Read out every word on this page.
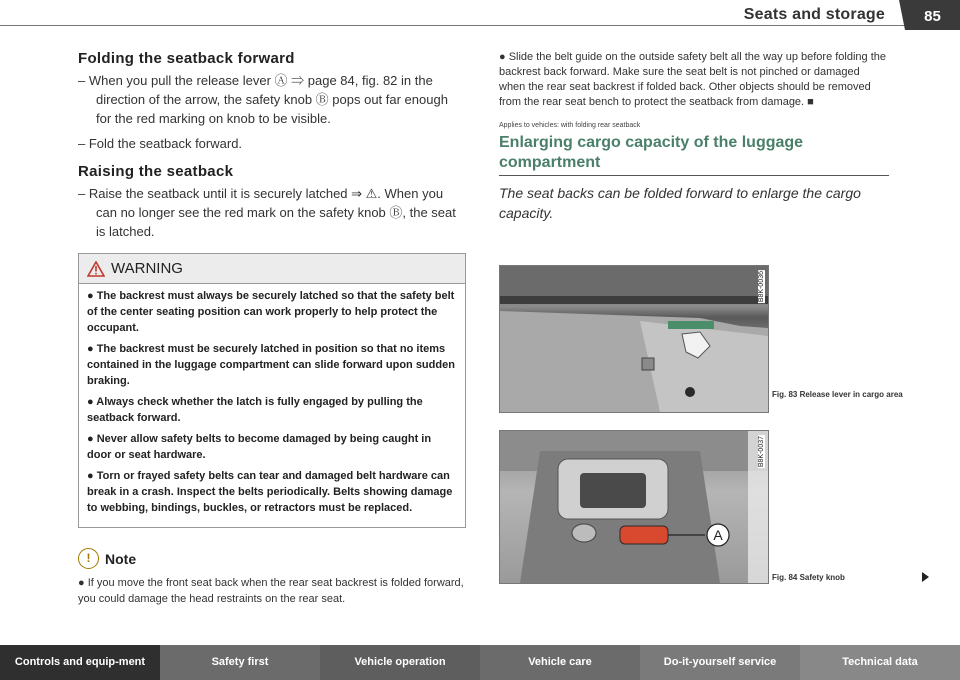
Seats and storage	85
Folding the seatback forward

– When you pull the release lever Ⓐ ⇒ page 84, fig. 82 in the direction of the arrow, the safety knob Ⓑ pops out far enough for the red marking on knob to be visible.

– Fold the seatback forward.

Raising the seatback

– Raise the seatback until it is securely latched ⇒ ⚠. When you can no longer see the red mark on the safety knob Ⓑ, the seat is latched.

WARNING

● The backrest must always be securely latched so that the safety belt of the center seating position can work properly to help protect the occupant.

● The backrest must be securely latched in position so that no items contained in the luggage compartment can slide forward upon sudden braking.

● Always check whether the latch is fully engaged by pulling the seatback forward.

● Never allow safety belts to become damaged by being caught in door or seat hardware.

● Torn or frayed safety belts can tear and damaged belt hardware can break in a crash. Inspect the belts periodically. Belts showing damage to webbing, bindings, buckles, or retractors must be replaced.

!	Note
● If you move the front seat back when the rear seat backrest is folded forward, you could damage the head restraints on the rear seat.

● Slide the belt guide on the outside safety belt all the way up before folding the backrest back forward. Make sure the seat belt is not pinched or damaged when the rear seat backrest if folded back. Other objects should be removed from the rear seat bench to protect the seatback from damage. ■

Applies to vehicles: with folding rear seatback
Enlarging cargo capacity of the luggage compartment
The seat backs can be folded forward to enlarge the cargo capacity.
B8K-0036
Fig. 83 Release lever in cargo area
A
B8K-0037
Fig. 84 Safety knob
Controls and equip-ment	Safety first	Vehicle operation	Vehicle care	Do-it-yourself service	Technical data
